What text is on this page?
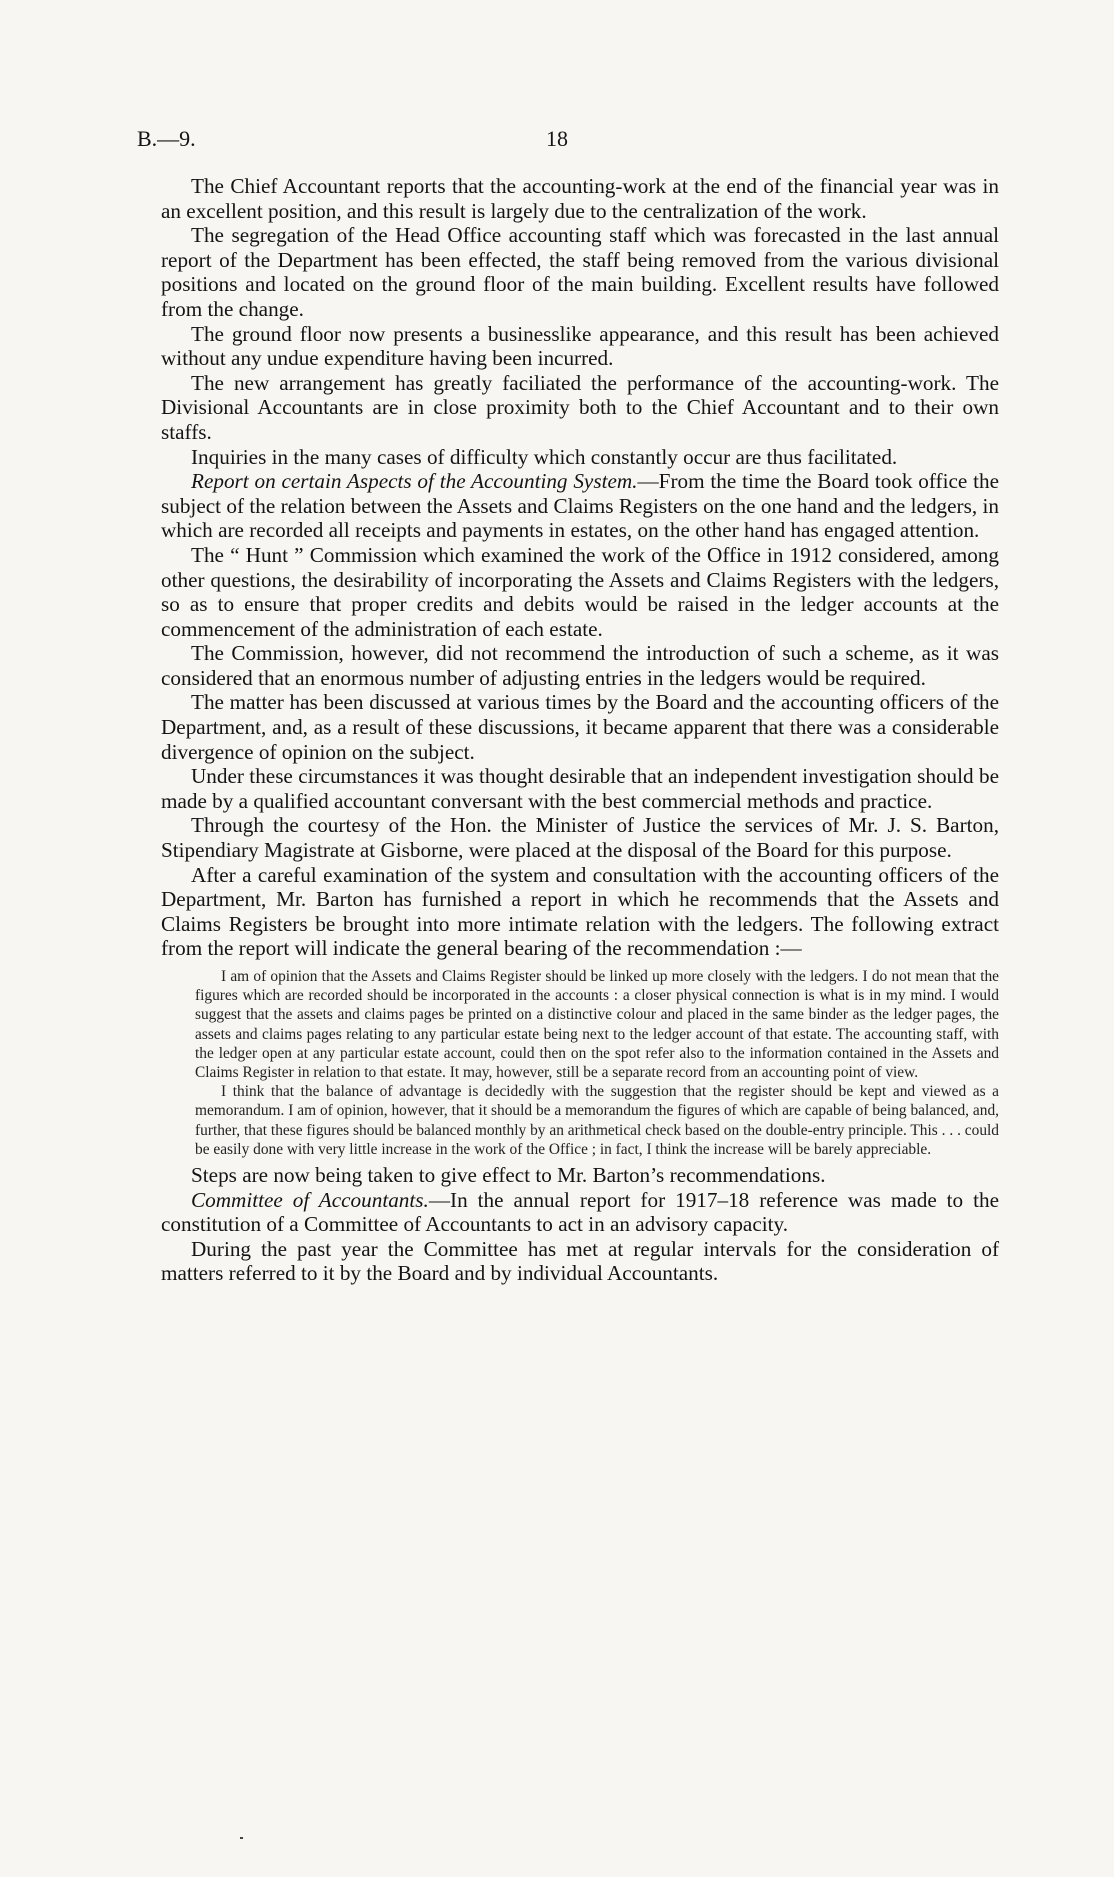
B.—9.	18

The Chief Accountant reports that the accounting-work at the end of the financial year was in an excellent position, and this result is largely due to the centralization of the work.

The segregation of the Head Office accounting staff which was forecasted in the last annual report of the Department has been effected, the staff being removed from the various divisional positions and located on the ground floor of the main building. Excellent results have followed from the change.

The ground floor now presents a businesslike appearance, and this result has been achieved without any undue expenditure having been incurred.

The new arrangement has greatly faciliated the performance of the accounting-work. The Divisional Accountants are in close proximity both to the Chief Accountant and to their own staffs.

Inquiries in the many cases of difficulty which constantly occur are thus facilitated.

Report on certain Aspects of the Accounting System.—From the time the Board took office the subject of the relation between the Assets and Claims Registers on the one hand and the ledgers, in which are recorded all receipts and payments in estates, on the other hand has engaged attention.

The “ Hunt ” Commission which examined the work of the Office in 1912 considered, among other questions, the desirability of incorporating the Assets and Claims Registers with the ledgers, so as to ensure that proper credits and debits would be raised in the ledger accounts at the commencement of the administration of each estate.

The Commission, however, did not recommend the introduction of such a scheme, as it was considered that an enormous number of adjusting entries in the ledgers would be required.

The matter has been discussed at various times by the Board and the accounting officers of the Department, and, as a result of these discussions, it became apparent that there was a considerable divergence of opinion on the subject.

Under these circumstances it was thought desirable that an independent investigation should be made by a qualified accountant conversant with the best commercial methods and practice.

Through the courtesy of the Hon. the Minister of Justice the services of Mr. J. S. Barton, Stipendiary Magistrate at Gisborne, were placed at the disposal of the Board for this purpose.

After a careful examination of the system and consultation with the accounting officers of the Department, Mr. Barton has furnished a report in which he recommends that the Assets and Claims Registers be brought into more intimate relation with the ledgers. The following extract from the report will indicate the general bearing of the recommendation :—

I am of opinion that the Assets and Claims Register should be linked up more closely with the ledgers. I do not mean that the figures which are recorded should be incorporated in the accounts : a closer physical connection is what is in my mind. I would suggest that the assets and claims pages be printed on a distinctive colour and placed in the same binder as the ledger pages, the assets and claims pages relating to any particular estate being next to the ledger account of that estate. The accounting staff, with the ledger open at any particular estate account, could then on the spot refer also to the information contained in the Assets and Claims Register in relation to that estate. It may, however, still be a separate record from an accounting point of view.

I think that the balance of advantage is decidedly with the suggestion that the register should be kept and viewed as a memorandum. I am of opinion, however, that it should be a memorandum the figures of which are capable of being balanced, and, further, that these figures should be balanced monthly by an arithmetical check based on the double-entry principle. This . . . could be easily done with very little increase in the work of the Office ; in fact, I think the increase will be barely appreciable.

Steps are now being taken to give effect to Mr. Barton’s recommendations.

Committee of Accountants.—In the annual report for 1917–18 reference was made to the constitution of a Committee of Accountants to act in an advisory capacity.

During the past year the Committee has met at regular intervals for the consideration of matters referred to it by the Board and by individual Accountants.
